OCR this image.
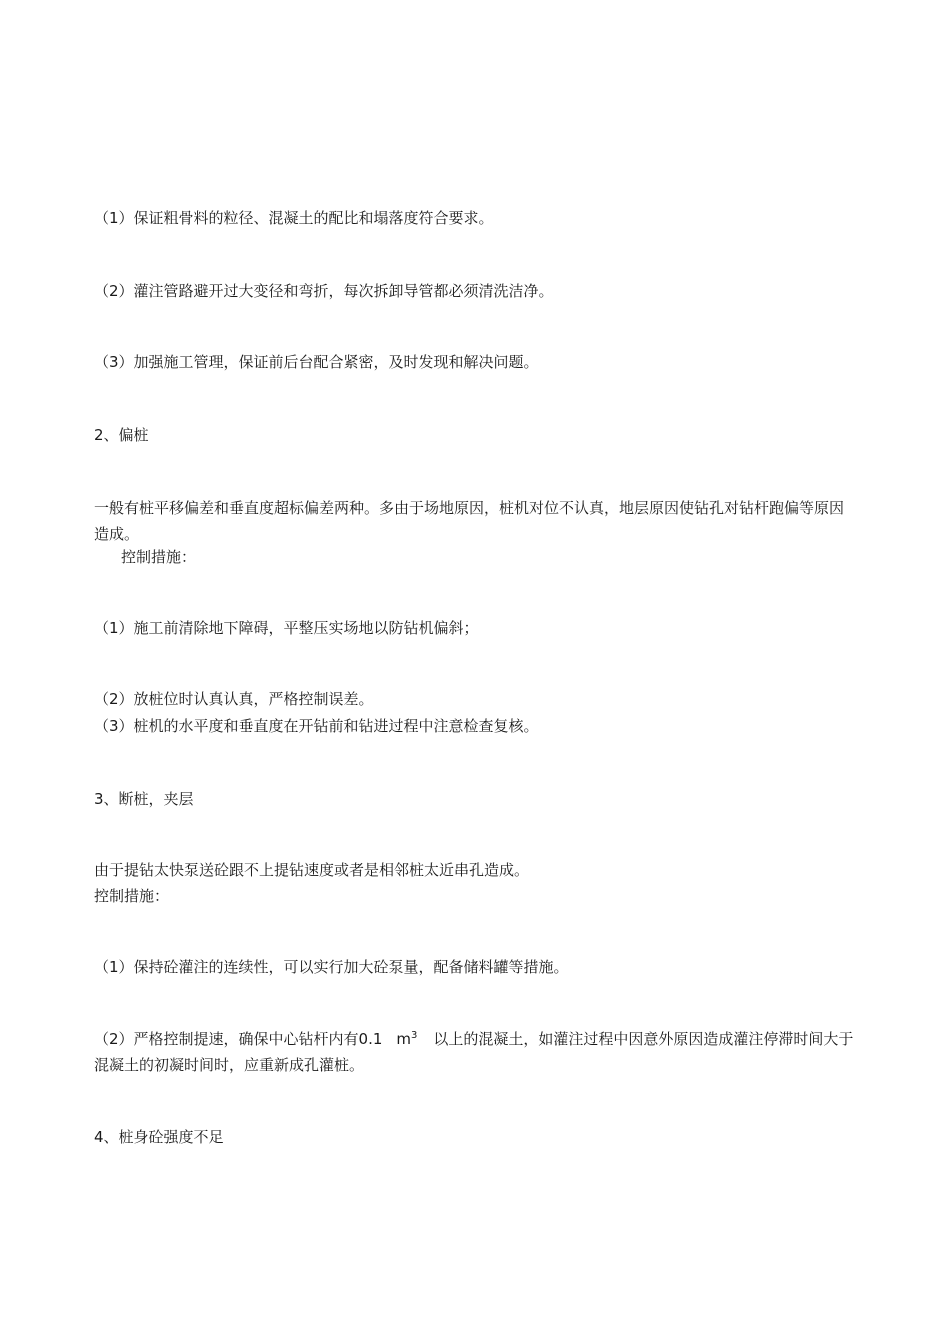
（1）保证粗骨料的粒径、混凝土的配比和塌落度符合要求。
（2）灌注管路避开过大变径和弯折，每次拆卸导管都必须清洗洁净。
（3）加强施工管理，保证前后台配合紧密，及时发现和解决问题。
2、偏桩
一般有桩平移偏差和垂直度超标偏差两种。多由于场地原因，桩机对位不认真，地层原因使钻孔对钻杆跑偏等原因造成。
控制措施：
（1）施工前清除地下障碍，平整压实场地以防钻机偏斜；
（2）放桩位时认真认真，严格控制误差。
（3）桩机的水平度和垂直度在开钻前和钻进过程中注意检查复核。
3、断桩，夹层
由于提钻太快泵送砼跟不上提钻速度或者是相邻桩太近串孔造成。
控制措施：
（1）保持砼灌注的连续性，可以实行加大砼泵量，配备储料罐等措施。
（2）严格控制提速，确保中心钻杆内有0.1 $m^3$ 以上的混凝土，如灌注过程中因意外原因造成灌注停滞时间大于混凝土的初凝时间时，应重新成孔灌桩。
4、桩身砼强度不足
